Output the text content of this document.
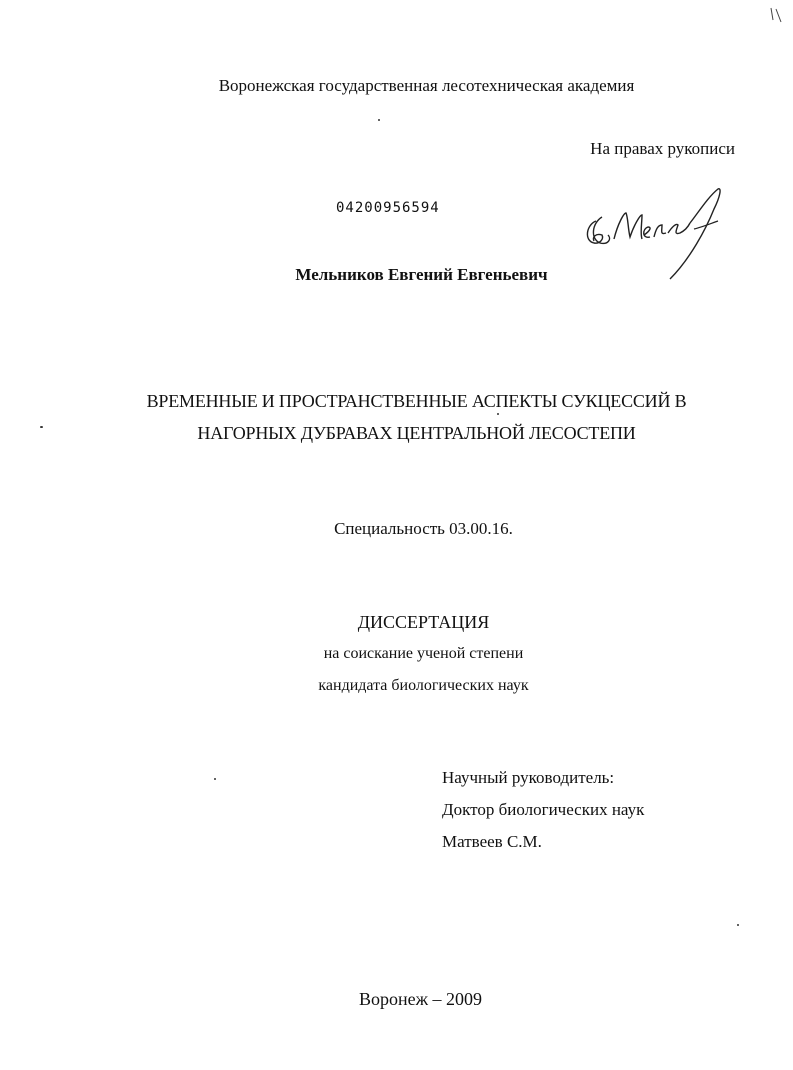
Воронежская государственная лесотехническая академия
На правах рукописи
04200956594
Мельников Евгений Евгеньевич
ВРЕМЕННЫЕ И ПРОСТРАНСТВЕННЫЕ АСПЕКТЫ СУКЦЕССИЙ В
НАГОРНЫХ ДУБРАВАХ ЦЕНТРАЛЬНОЙ ЛЕСОСТЕПИ
Специальность 03.00.16.
ДИССЕРТАЦИЯ
на соискание ученой степени
кандидата биологических наук
Научный руководитель:
Доктор биологических наук
Матвеев С.М.
Воронеж – 2009
